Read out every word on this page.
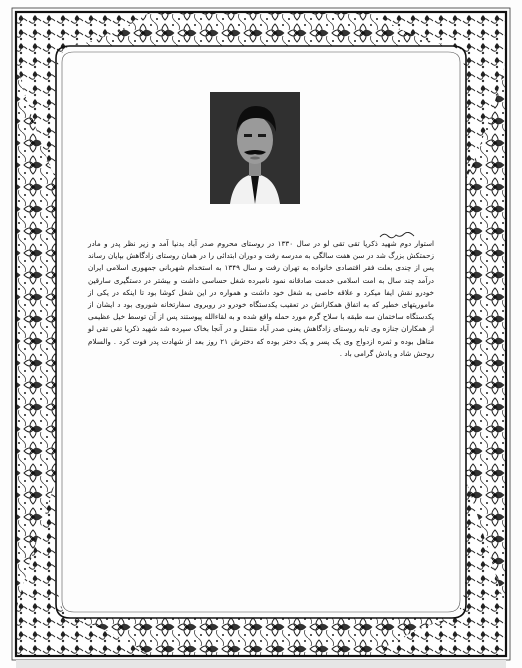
استوار دوم شهید ذکریا تقی تقی لو در سال ۱۳۳۰ در روستای محروم صدر آباد بدنیا آمد و زیر نظر پدر و مادر زحمتکش بزرگ شد در سن هفت سالگی به مدرسه رفت و دوران ابتدائی را در همان روستای زادگاهش بپایان رساند پس از چندی بعلت فقر اقتصادی خانواده به تهران رفت و سال ۱۳۴۹ به استخدام شهربانی جمهوری اسلامی ایران درآمد چند سال به امت اسلامی خدمت صادقانه نمود نامبرده شغل حساسی داشت و بیشتر در دستگیری سارقین خودرو نقش ایفا میکرد و علاقه خاصی به شغل خود داشت و همواره در این شغل کوشا بود تا اینکه در یکی از ماموریتهای خطیر که به اتفاق همکارانش در تعقیب یکدستگاه خودرو در روبروی سفارتخانه شوروی بود د ایشان از یکدستگاه ساختمان سه طبقه با سلاح گرم مورد حمله واقع شده و به لقاءالله پیوستند پس از آن توسط خیل عظیمی از همکاران جنازه وی تابه روستای زادگاهش یعنی صدر آباد منتقل و در آنجا بخاک سپرده شد شهید ذکریا تقی تقی لو متاهل بوده و ثمره ازدواج وی یک پسر و یک دختر بوده که دخترش ۲۱ روز بعد از شهادت پدر فوت کرد . والسلام روحش شاد و یادش گرامی باد .
